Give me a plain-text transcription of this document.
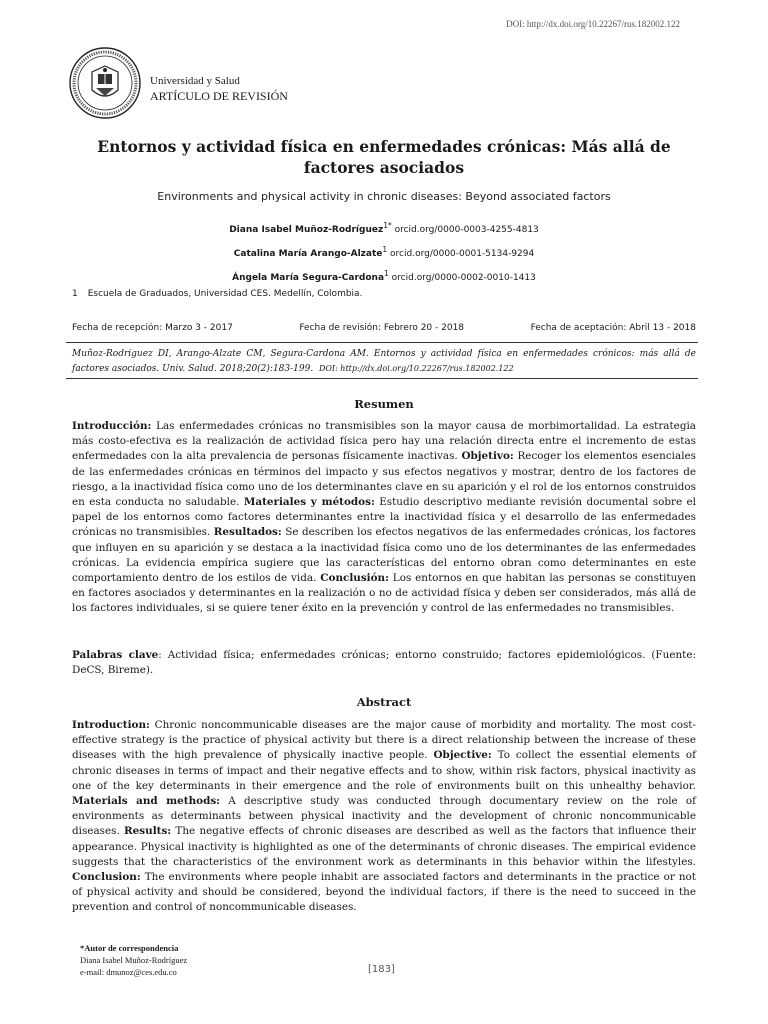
DOI: http://dx.doi.org/10.22267/rus.182002.122
Universidad y Salud
ARTÍCULO DE REVISIÓN
Entornos y actividad física en enfermedades crónicas: Más allá de factores asociados
Environments and physical activity in chronic diseases: Beyond associated factors
Diana Isabel Muñoz-Rodríguez$^{1*}$ orcid.org/0000-0003-4255-4813
Catalina María Arango-Alzate$^1$ orcid.org/0000-0001-5134-9294
Ángela María Segura-Cardona$^1$ orcid.org/0000-0002-0010-1413
1 Escuela de Graduados, Universidad CES. Medellín, Colombia.
Fecha de recepción: Marzo 3 - 2017	Fecha de revisión: Febrero 20 - 2018	Fecha de aceptación: Abril 13 - 2018
Muñoz-Rodriguez DI, Arango-Alzate CM, Segura-Cardona AM. Entornos y actividad física en enfermedades crónicos: más allá de factores asociados. Univ. Salud. 2018;20(2):183-199. DOI: http://dx.doi.org/10.22267/rus.182002.122
Resumen
Introducción: Las enfermedades crónicas no transmisibles son la mayor causa de morbimortalidad. La estrategia más costo-efectiva es la realización de actividad física pero hay una relación directa entre el incremento de estas enfermedades con la alta prevalencia de personas físicamente inactivas. Objetivo: Recoger los elementos esenciales de las enfermedades crónicas en términos del impacto y sus efectos negativos y mostrar, dentro de los factores de riesgo, a la inactividad física como uno de los determinantes clave en su aparición y el rol de los entornos construidos en esta conducta no saludable. Materiales y métodos: Estudio descriptivo mediante revisión documental sobre el papel de los entornos como factores determinantes entre la inactividad física y el desarrollo de las enfermedades crónicas no transmisibles. Resultados: Se describen los efectos negativos de las enfermedades crónicas, los factores que influyen en su aparición y se destaca a la inactividad física como uno de los determinantes de las enfermedades crónicas. La evidencia empírica sugiere que las características del entorno obran como determinantes en este comportamiento dentro de los estilos de vida. Conclusión: Los entornos en que habitan las personas se constituyen en factores asociados y determinantes en la realización o no de actividad física y deben ser considerados, más allá de los factores individuales, si se quiere tener éxito en la prevención y control de las enfermedades no transmisibles.
Palabras clave: Actividad física; enfermedades crónicas; entorno construido; factores epidemiológicos. (Fuente: DeCS, Bireme).
Abstract
Introduction: Chronic noncommunicable diseases are the major cause of morbidity and mortality. The most cost-effective strategy is the practice of physical activity but there is a direct relationship between the increase of these diseases with the high prevalence of physically inactive people. Objective: To collect the essential elements of chronic diseases in terms of impact and their negative effects and to show, within risk factors, physical inactivity as one of the key determinants in their emergence and the role of environments built on this unhealthy behavior. Materials and methods: A descriptive study was conducted through documentary review on the role of environments as determinants between physical inactivity and the development of chronic noncommunicable diseases. Results: The negative effects of chronic diseases are described as well as the factors that influence their appearance. Physical inactivity is highlighted as one of the determinants of chronic diseases. The empirical evidence suggests that the characteristics of the environment work as determinants in this behavior within the lifestyles. Conclusion: The environments where people inhabit are associated factors and determinants in the practice or not of physical activity and should be considered, beyond the individual factors, if there is the need to succeed in the prevention and control of noncommunicable diseases.
*Autor de correspondencia
Diana Isabel Muñoz-Rodríguez
e-mail: dmunoz@ces.edu.co	[183]
